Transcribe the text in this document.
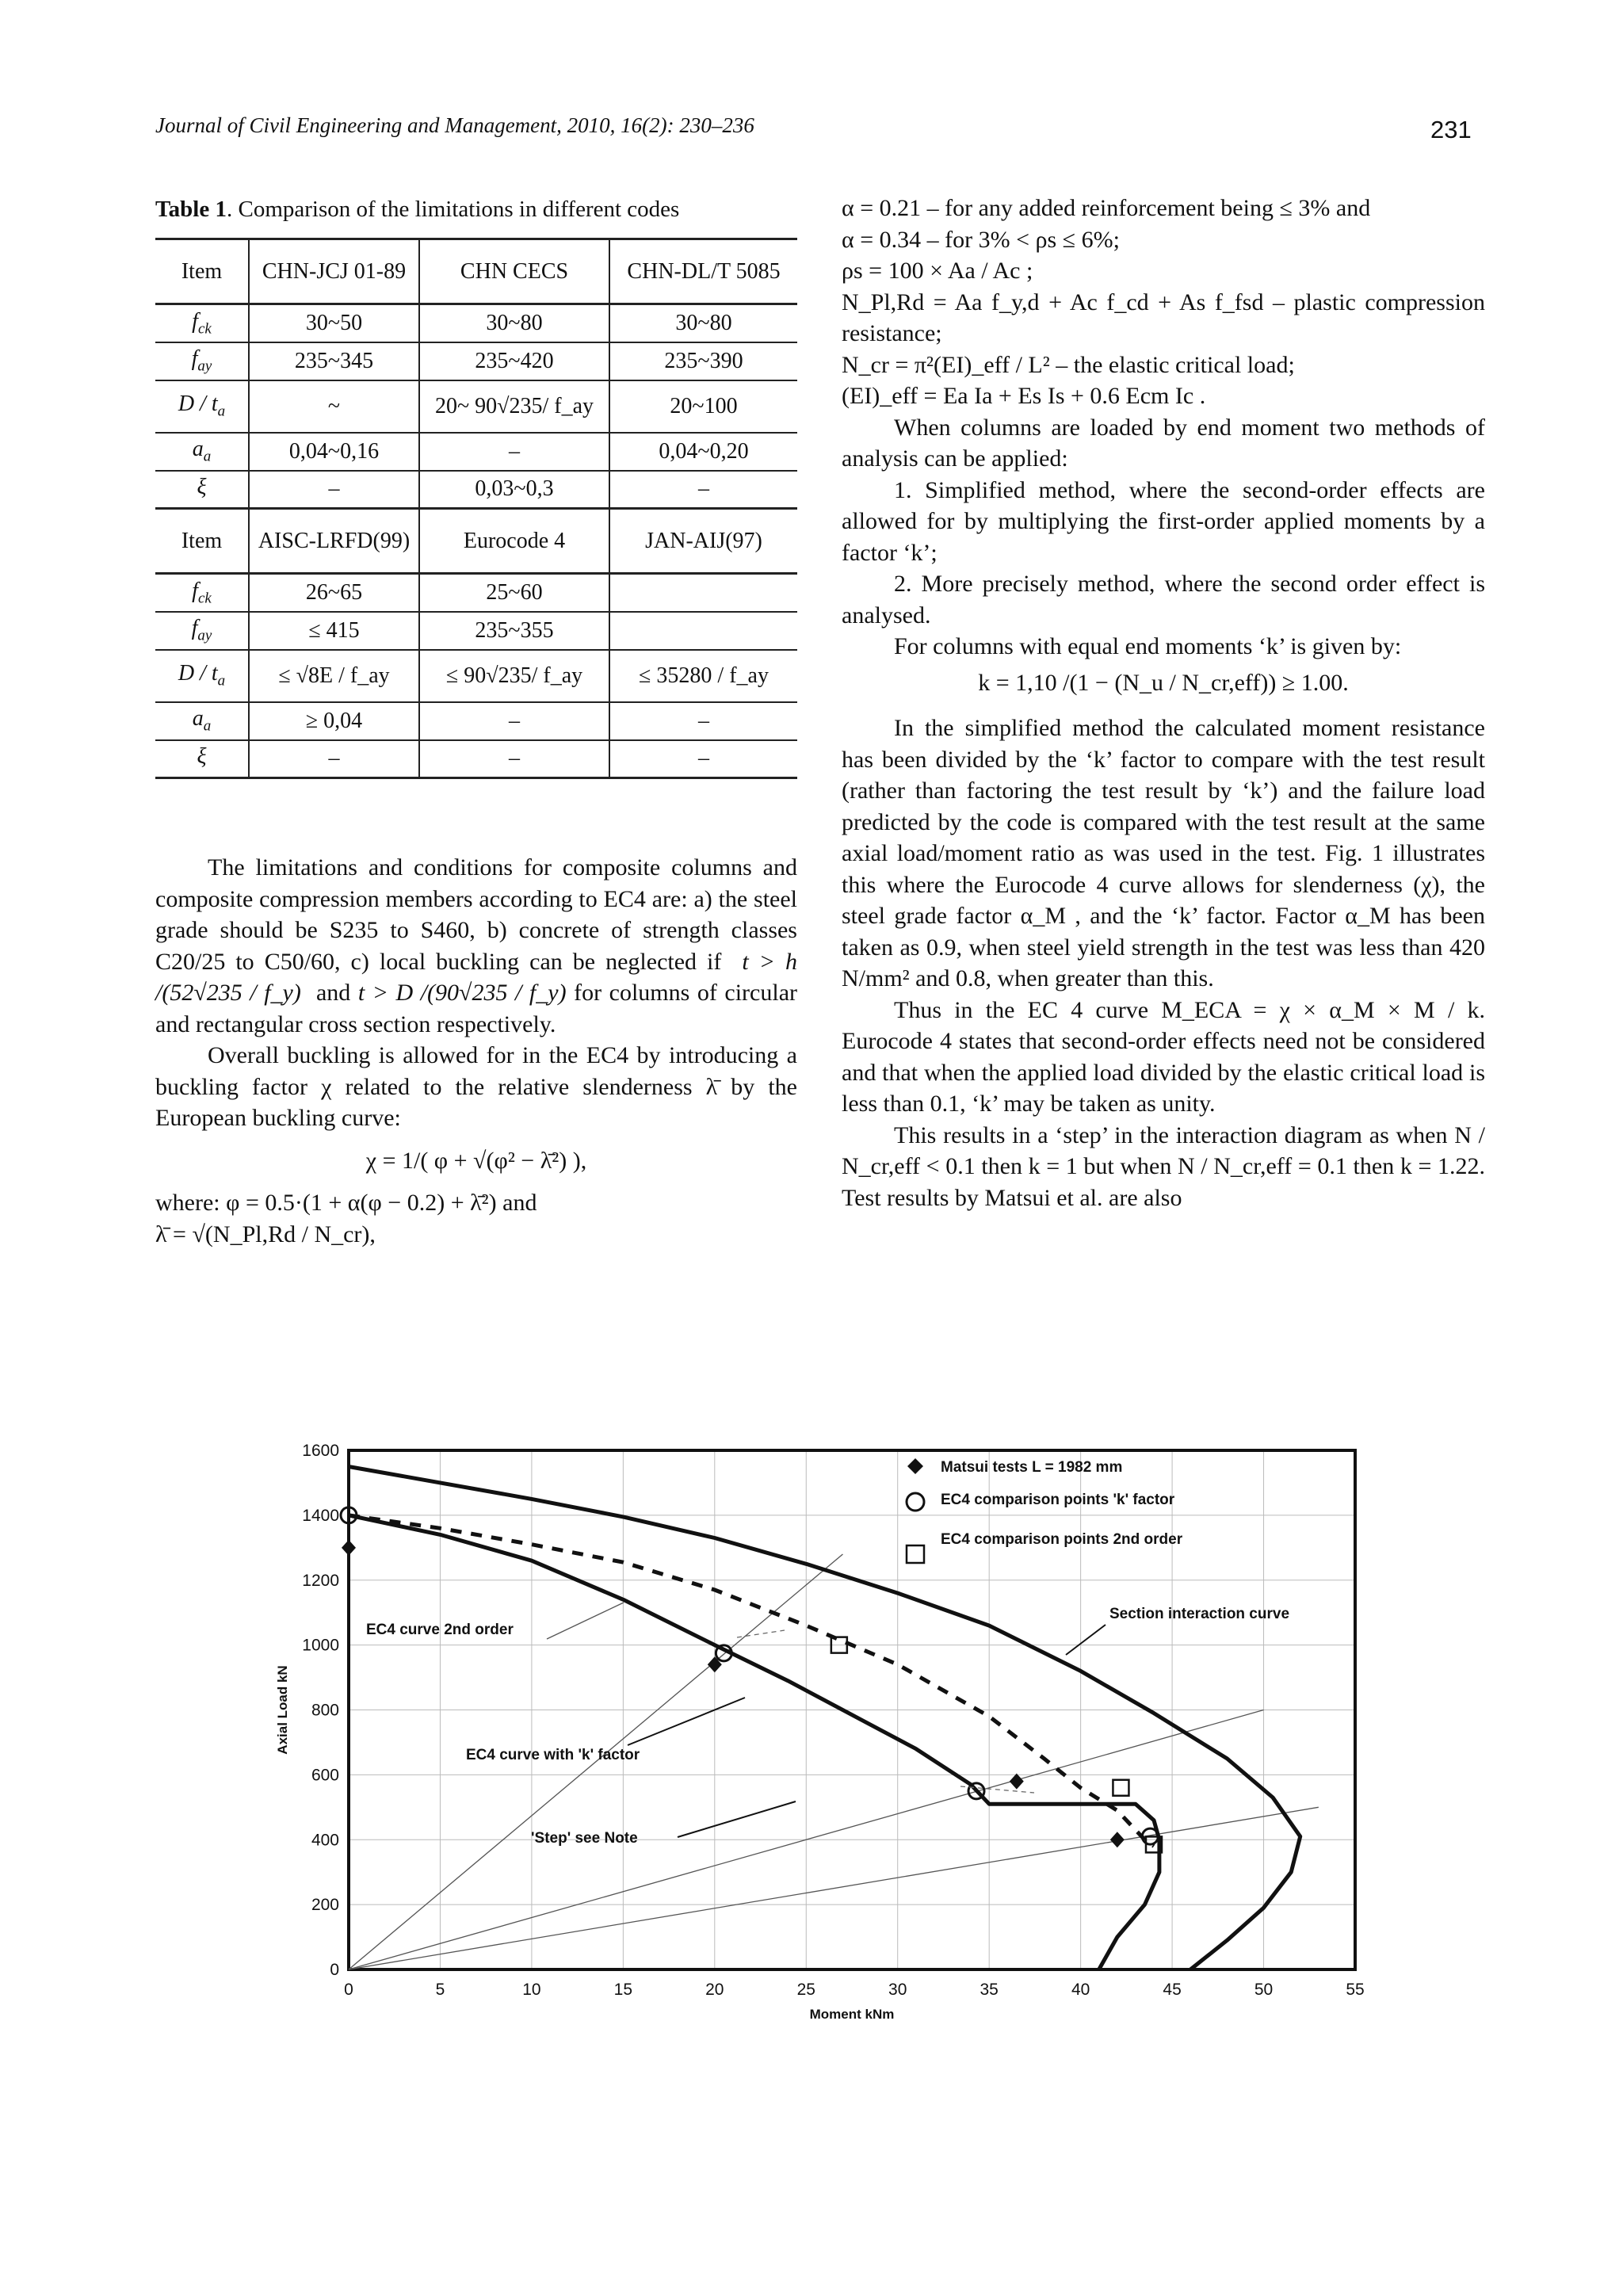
Journal of Civil Engineering and Management, 2010, 16(2): 230–236	231
Table 1. Comparison of the limitations in different codes
Item	CHN-JCJ 01-89	CHN CECS	CHN-DL/T 5085
$f_{ck}$	30~50	30~80	30~80
$f_{ay}$	235~345	235~420	235~390
D / $t_a$	~	20~ 90√235/ f_ay	20~100
$a_a$	0,04~0,16	–	0,04~0,20
ξ	–	0,03~0,3	–
Item	AISC-LRFD(99)	Eurocode 4	JAN-AIJ(97)
$f_{ck}$	26~65	25~60	
$f_{ay}$	≤ 415	235~355	
D / $t_a$	≤ √8E / f_ay	≤ 90√235/ f_ay	≤ 35280 / f_ay
$a_a$	≥ 0,04	–	–
ξ	–	–	–

The limitations and conditions for composite columns and composite compression members according to EC4 are: a) the steel grade should be S235 to S460, b) concrete of strength classes C20/25 to C50/60, c) local buckling can be neglected if t > h /(52√235 / f_y) and t > D /(90√235 / f_y) for columns of circular and rectangular cross section respectively.

Overall buckling is allowed for in the EC4 by introducing a buckling factor χ related to the relative slenderness λ̄ by the European buckling curve:

χ = 1/( φ + √(φ² − λ̄²) ),

where: φ = 0.5·(1 + α(φ − 0.2) + λ̄²) and

λ̄ = √(N_Pl,Rd / N_cr),

α = 0.21 – for any added reinforcement being ≤ 3% and

α = 0.34 – for 3% < ρs ≤ 6%;

ρs = 100 × Aa / Ac ;

N_Pl,Rd = Aa f_y,d + Ac f_cd + As f_fsd – plastic compression resistance;

N_cr = π²(EI)_eff / L² – the elastic critical load;

(EI)_eff = Ea Ia + Es Is + 0.6 Ecm Ic .

When columns are loaded by end moment two methods of analysis can be applied:

1. Simplified method, where the second-order effects are allowed for by multiplying the first-order applied moments by a factor ‘k’;

2. More precisely method, where the second order effect is analysed.

For columns with equal end moments ‘k’ is given by:

k = 1,10 /(1 − (N_u / N_cr,eff)) ≥ 1.00.

In the simplified method the calculated moment resistance has been divided by the ‘k’ factor to compare with the test result (rather than factoring the test result by ‘k’) and the failure load predicted by the code is compared with the test result at the same axial load/moment ratio as was used in the test. Fig. 1 illustrates this where the Eurocode 4 curve allows for slenderness (χ), the steel grade factor α_M , and the ‘k’ factor. Factor α_M has been taken as 0.9, when steel yield strength in the test was less than 420 N/mm² and 0.8, when greater than this.

Thus in the EC 4 curve M_ECA = χ × α_M × M / k. Eurocode 4 states that second-order effects need not be considered and that when the applied load divided by the elastic critical load is less than 0.1, ‘k’ may be taken as unity.

This results in a ‘step’ in the interaction diagram as when N / N_cr,eff < 0.1 then k = 1 but when N / N_cr,eff = 0.1 then k = 1.22. Test results by Matsui et al. are also

0	5	10	15	20	25	30	35	40	45	50	55
0
200
400
600
800
1000
1200
1400
1600
Moment kNm
Axial Load kN
Matsui tests L = 1982 mm
EC4 comparison points 'k' factor
EC4 comparison points 2nd order
Section interaction curve
EC4 curve 2nd order
EC4 curve with 'k' factor
'Step' see Note
